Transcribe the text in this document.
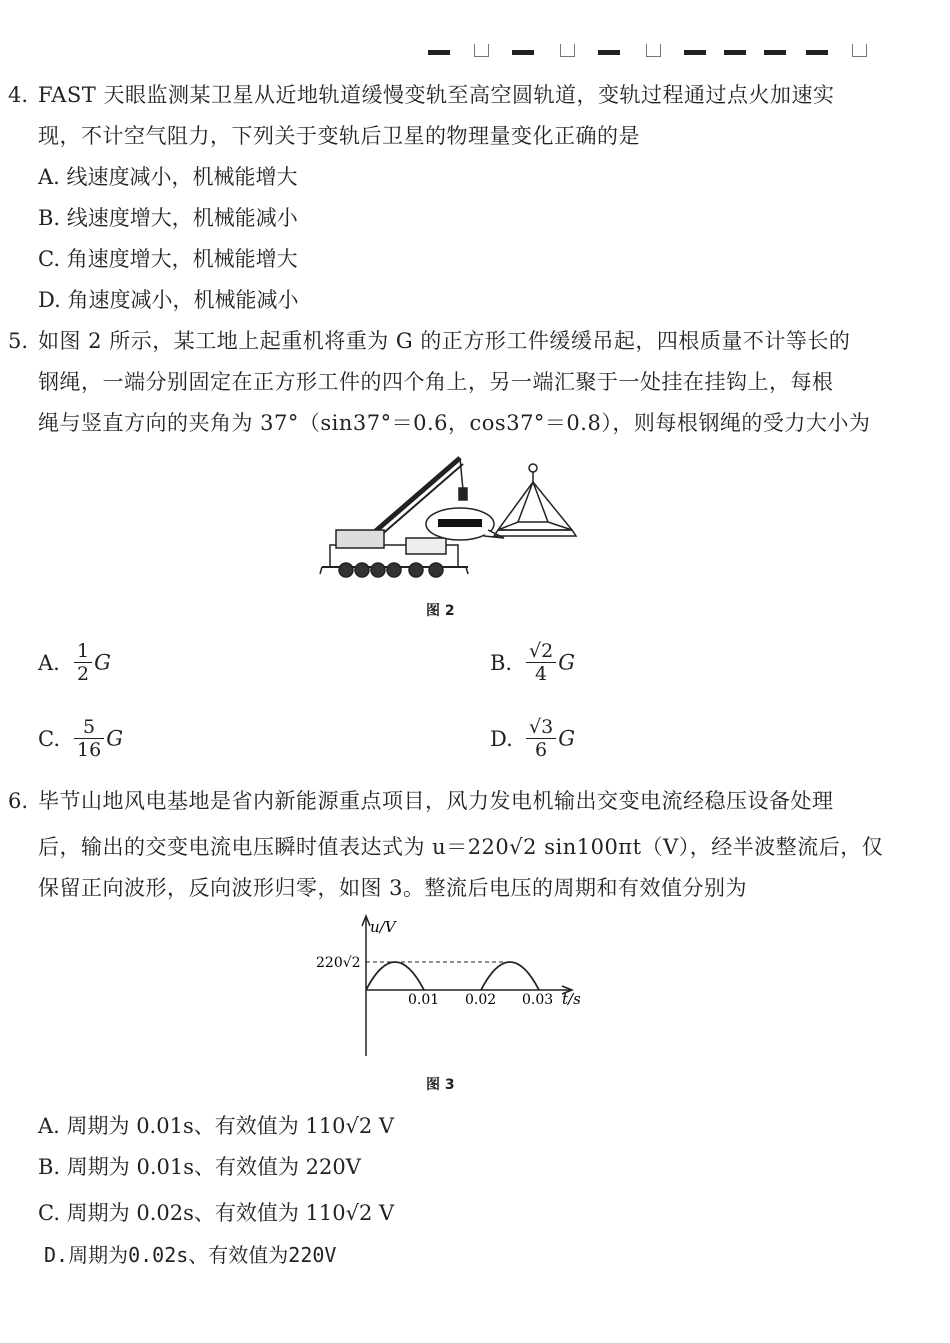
4. FAST 天眼监测某卫星从近地轨道缓慢变轨至高空圆轨道，变轨过程通过点火加速实
现，不计空气阻力，下列关于变轨后卫星的物理量变化正确的是
A. 线速度减小，机械能增大
B. 线速度增大，机械能减小
C. 角速度增大，机械能增大
D. 角速度减小，机械能减小
5. 如图 2 所示，某工地上起重机将重为 G 的正方形工件缓缓吊起，四根质量不计等长的
钢绳，一端分别固定在正方形工件的四个角上，另一端汇聚于一处挂在挂钩上，每根
绳与竖直方向的夹角为 37°（sin37°＝0.6，cos37°＝0.8），则每根钢绳的受力大小为
图 2
A. $\frac{1}{2}$ G	B. $\frac{√2}{4}$ G
C. $\frac{5}{16}$ G	D. $\frac{√3}{6}$ G
6. 毕节山地风电基地是省内新能源重点项目，风力发电机输出交变电流经稳压设备处理
后，输出的交变电流电压瞬时值表达式为 u＝220√2 sin100πt（V），经半波整流后，仅
保留正向波形，反向波形归零，如图 3。整流后电压的周期和有效值分别为
u/V
t/s
220√2
0.01 0.02 0.03
图 3
A. 周期为 0.01s、有效值为 110√2 V
B. 周期为 0.01s、有效值为 220V
C. 周期为 0.02s、有效值为 110√2 V
D.周期为0.02s、有效值为220V
